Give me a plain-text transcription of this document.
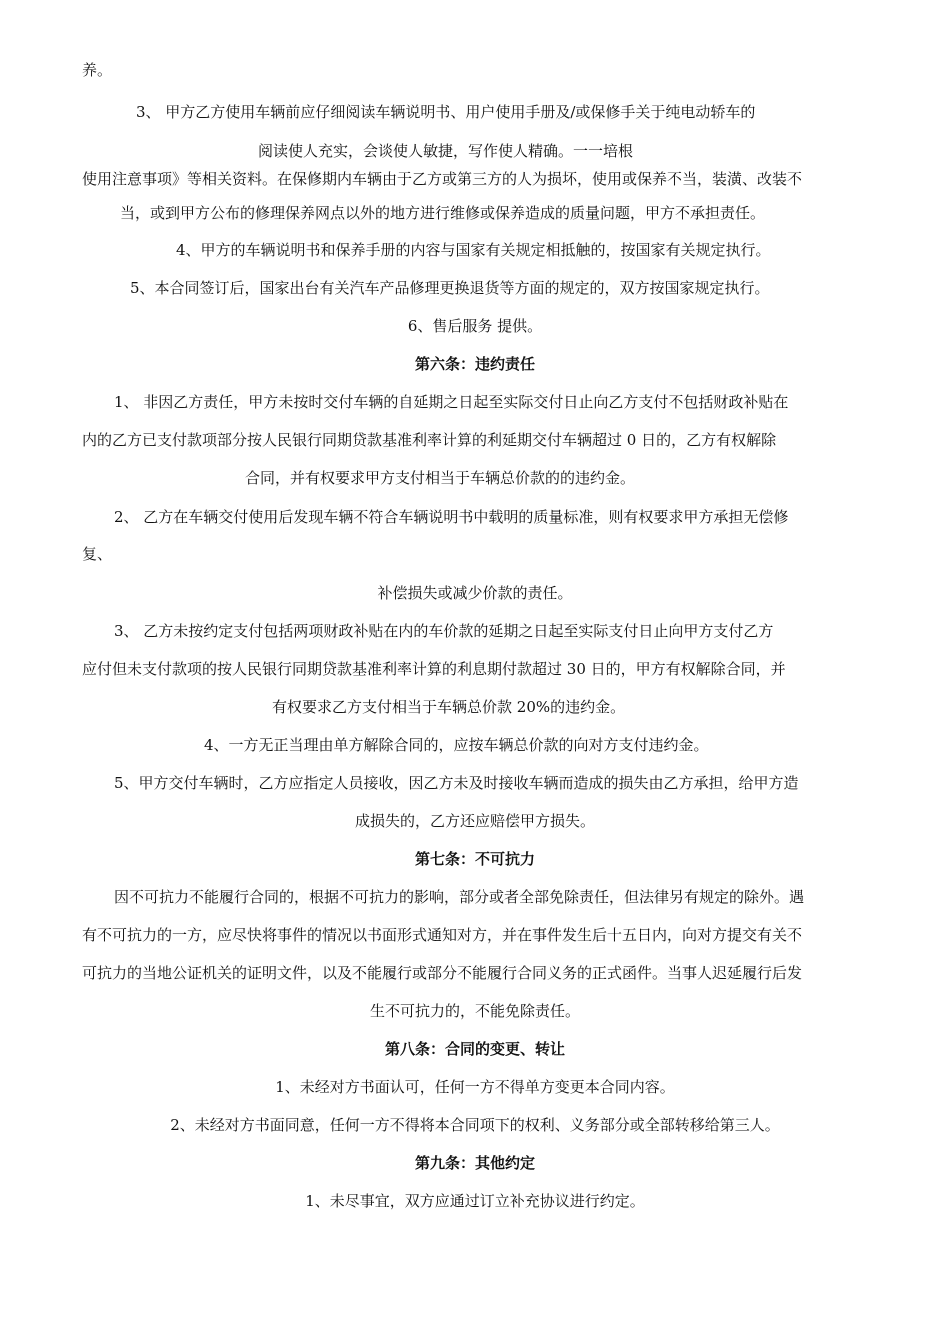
养。
3、 甲方乙方使用车辆前应仔细阅读车辆说明书、用户使用手册及/或保修手关于纯电动轿车的
阅读使人充实，会谈使人敏捷，写作使人精确。一一培根
使用注意事项》等相关资料。在保修期内车辆由于乙方或第三方的人为损坏，使用或保养不当，装潢、改装不
当，或到甲方公布的修理保养网点以外的地方进行维修或保养造成的质量问题，甲方不承担责任。
4、甲方的车辆说明书和保养手册的内容与国家有关规定相抵触的，按国家有关规定执行。
5、本合同签订后，国家出台有关汽车产品修理更换退货等方面的规定的，双方按国家规定执行。
6、售后服务 提供。
第六条：违约责任
1、 非因乙方责任，甲方未按时交付车辆的自延期之日起至实际交付日止向乙方支付不包括财政补贴在
内的乙方已支付款项部分按人民银行同期贷款基准利率计算的利延期交付车辆超过 0 日的，乙方有权解除
合同，并有权要求甲方支付相当于车辆总价款的的违约金。
2、 乙方在车辆交付使用后发现车辆不符合车辆说明书中载明的质量标准，则有权要求甲方承担无偿修
复、
补偿损失或减少价款的责任。
3、 乙方未按约定支付包括两项财政补贴在内的车价款的延期之日起至实际支付日止向甲方支付乙方
应付但未支付款项的按人民银行同期贷款基准利率计算的利息期付款超过 30 日的，甲方有权解除合同，并
有权要求乙方支付相当于车辆总价款 20%的违约金。
4、一方无正当理由单方解除合同的，应按车辆总价款的向对方支付违约金。
5、甲方交付车辆时，乙方应指定人员接收，因乙方未及时接收车辆而造成的损失由乙方承担，给甲方造
成损失的，乙方还应赔偿甲方损失。
第七条：不可抗力
因不可抗力不能履行合同的，根据不可抗力的影响，部分或者全部免除责任，但法律另有规定的除外。遇
有不可抗力的一方，应尽快将事件的情况以书面形式通知对方，并在事件发生后十五日内，向对方提交有关不
可抗力的当地公证机关的证明文件，以及不能履行或部分不能履行合同义务的正式函件。当事人迟延履行后发
生不可抗力的，不能免除责任。
第八条：合同的变更、转让
1、未经对方书面认可，任何一方不得单方变更本合同内容。
2、未经对方书面同意，任何一方不得将本合同项下的权利、义务部分或全部转移给第三人。
第九条：其他约定
1、未尽事宜，双方应通过订立补充协议进行约定。
